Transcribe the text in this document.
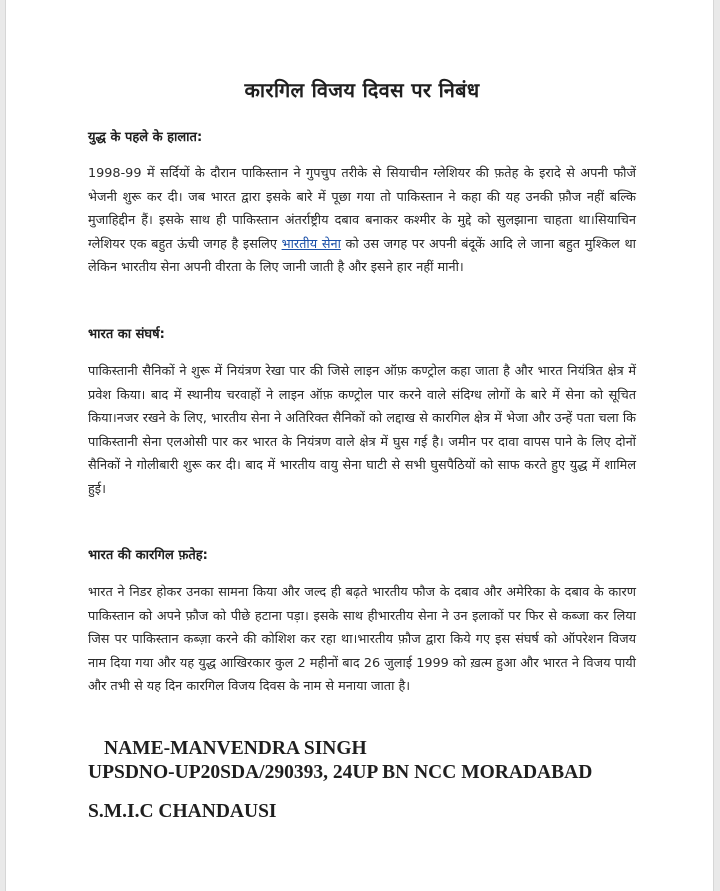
कारगिल विजय दिवस पर निबंध
युद्ध के पहले के हालात:

1998-99 में सर्दियों के दौरान पाकिस्तान ने गुपचुप तरीके से सियाचीन ग्लेशियर की फ़तेह के इरादे से अपनी फौजें भेजनी शुरू कर दी। जब भारत द्वारा इसके बारे में पूछा गया तो पाकिस्तान ने कहा की यह उनकी फ़ौज नहीं बल्कि मुजाहिद्दीन हैं। इसके साथ ही पाकिस्तान अंतर्राष्ट्रीय दबाव बनाकर कश्मीर के मुद्दे को सुलझाना चाहता था।सियाचिन ग्लेशियर एक बहुत ऊंची जगह है इसलिए भारतीय सेना को उस जगह पर अपनी बंदूकें आदि ले जाना बहुत मुश्किल था लेकिन भारतीय सेना अपनी वीरता के लिए जानी जाती है और इसने हार नहीं मानी।

भारत का संघर्ष:

पाकिस्तानी सैनिकों ने शुरू में नियंत्रण रेखा पार की जिसे लाइन ऑफ़ कण्ट्रोल कहा जाता है और भारत नियंत्रित क्षेत्र में प्रवेश किया। बाद में स्थानीय चरवाहों ने लाइन ऑफ़ कण्ट्रोल पार करने वाले संदिग्ध लोगों के बारे में सेना को सूचित किया।नजर रखने के लिए, भारतीय सेना ने अतिरिक्त सैनिकों को लद्दाख से कारगिल क्षेत्र में भेजा और उन्हें पता चला कि पाकिस्तानी सेना एलओसी पार कर भारत के नियंत्रण वाले क्षेत्र में घुस गई है। जमीन पर दावा वापस पाने के लिए दोनों सैनिकों ने गोलीबारी शुरू कर दी। बाद में भारतीय वायु सेना घाटी से सभी घुसपैठियों को साफ करते हुए युद्ध में शामिल हुई।

भारत की कारगिल फ़तेह:

भारत ने निडर होकर उनका सामना किया और जल्द ही बढ़ते भारतीय फौज के दबाव और अमेरिका के दबाव के कारण पाकिस्तान को अपने फ़ौज को पीछे हटाना पड़ा। इसके साथ हीभारतीय सेना ने उन इलाकों पर फिर से कब्जा कर लिया जिस पर पाकिस्तान कब्ज़ा करने की कोशिश कर रहा था।भारतीय फ़ौज द्वारा किये गए इस संघर्ष को ऑपरेशन विजय नाम दिया गया और यह युद्ध आखिरकार कुल 2 महीनों बाद 26 जुलाई 1999 को ख़त्म हुआ और भारत ने विजय पायी और तभी से यह दिन कारगिल विजय दिवस के नाम से मनाया जाता है।

NAME-MANVENDRA SINGH
UPSDNO-UP20SDA/290393, 24UP BN NCC MORADABAD
S.M.I.C CHANDAUSI
